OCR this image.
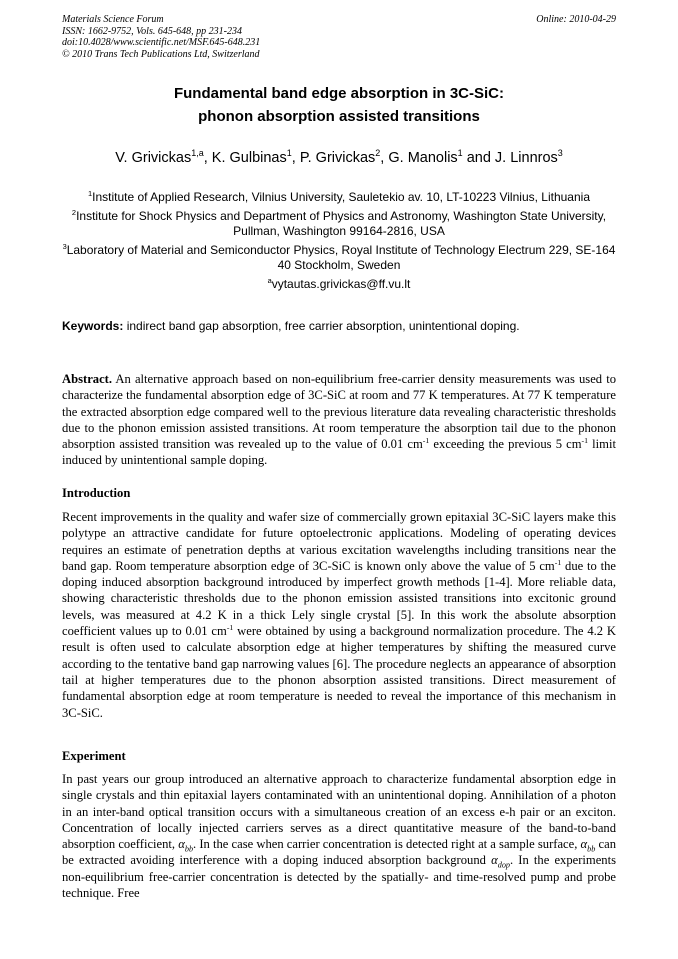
Materials Science Forum
ISSN: 1662-9752, Vols. 645-648, pp 231-234
doi:10.4028/www.scientific.net/MSF.645-648.231
© 2010 Trans Tech Publications Ltd, Switzerland
Online: 2010-04-29
Fundamental band edge absorption in 3C-SiC:
phonon absorption assisted transitions
V. Grivickas$^{1,a}$, K. Gulbinas$^1$, P. Grivickas$^2$, G. Manolis$^1$ and J. Linnros$^3$

$^1$Institute of Applied Research, Vilnius University, Sauletekio av. 10, LT-10223 Vilnius, Lithuania

$^2$Institute for Shock Physics and Department of Physics and Astronomy, Washington State University, Pullman, Washington 99164-2816, USA

$^3$Laboratory of Material and Semiconductor Physics, Royal Institute of Technology Electrum 229, SE-164 40 Stockholm, Sweden

$^a$vytautas.grivickas@ff.vu.lt

Keywords: indirect band gap absorption, free carrier absorption, unintentional doping.
Abstract. An alternative approach based on non-equilibrium free-carrier density measurements was used to characterize the fundamental absorption edge of 3C-SiC at room and 77 K temperatures. At 77 K temperature the extracted absorption edge compared well to the previous literature data revealing characteristic thresholds due to the phonon emission assisted transitions. At room temperature the absorption tail due to the phonon absorption assisted transition was revealed up to the value of 0.01 $cm^{-1}$ exceeding the previous 5 $cm^{-1}$ limit induced by unintentional sample doping.
Introduction
Recent improvements in the quality and wafer size of commercially grown epitaxial 3C-SiC layers make this polytype an attractive candidate for future optoelectronic applications. Modeling of operating devices requires an estimate of penetration depths at various excitation wavelengths including transitions near the band gap. Room temperature absorption edge of 3C-SiC is known only above the value of 5 $cm^{-1}$ due to the doping induced absorption background introduced by imperfect growth methods [1-4]. More reliable data, showing characteristic thresholds due to the phonon emission assisted transitions into excitonic ground levels, was measured at 4.2 K in a thick Lely single crystal [5]. In this work the absolute absorption coefficient values up to 0.01 $cm^{-1}$ were obtained by using a background normalization procedure. The 4.2 K result is often used to calculate absorption edge at higher temperatures by shifting the measured curve according to the tentative band gap narrowing values [6]. The procedure neglects an appearance of absorption tail at higher temperatures due to the phonon absorption assisted transitions. Direct measurement of fundamental absorption edge at room temperature is needed to reveal the importance of this mechanism in 3C-SiC.
Experiment
In past years our group introduced an alternative approach to characterize fundamental absorption edge in single crystals and thin epitaxial layers contaminated with an unintentional doping. Annihilation of a photon in an inter-band optical transition occurs with a simultaneous creation of an excess e-h pair or an exciton. Concentration of locally injected carriers serves as a direct quantitative measure of the band-to-band absorption coefficient, $\alpha_{bb}$. In the case when carrier concentration is detected right at a sample surface, $\alpha_{bb}$ can be extracted avoiding interference with a doping induced absorption background $\alpha_{dop}$. In the experiments non-equilibrium free-carrier concentration is detected by the spatially- and time-resolved pump and probe technique. Free
